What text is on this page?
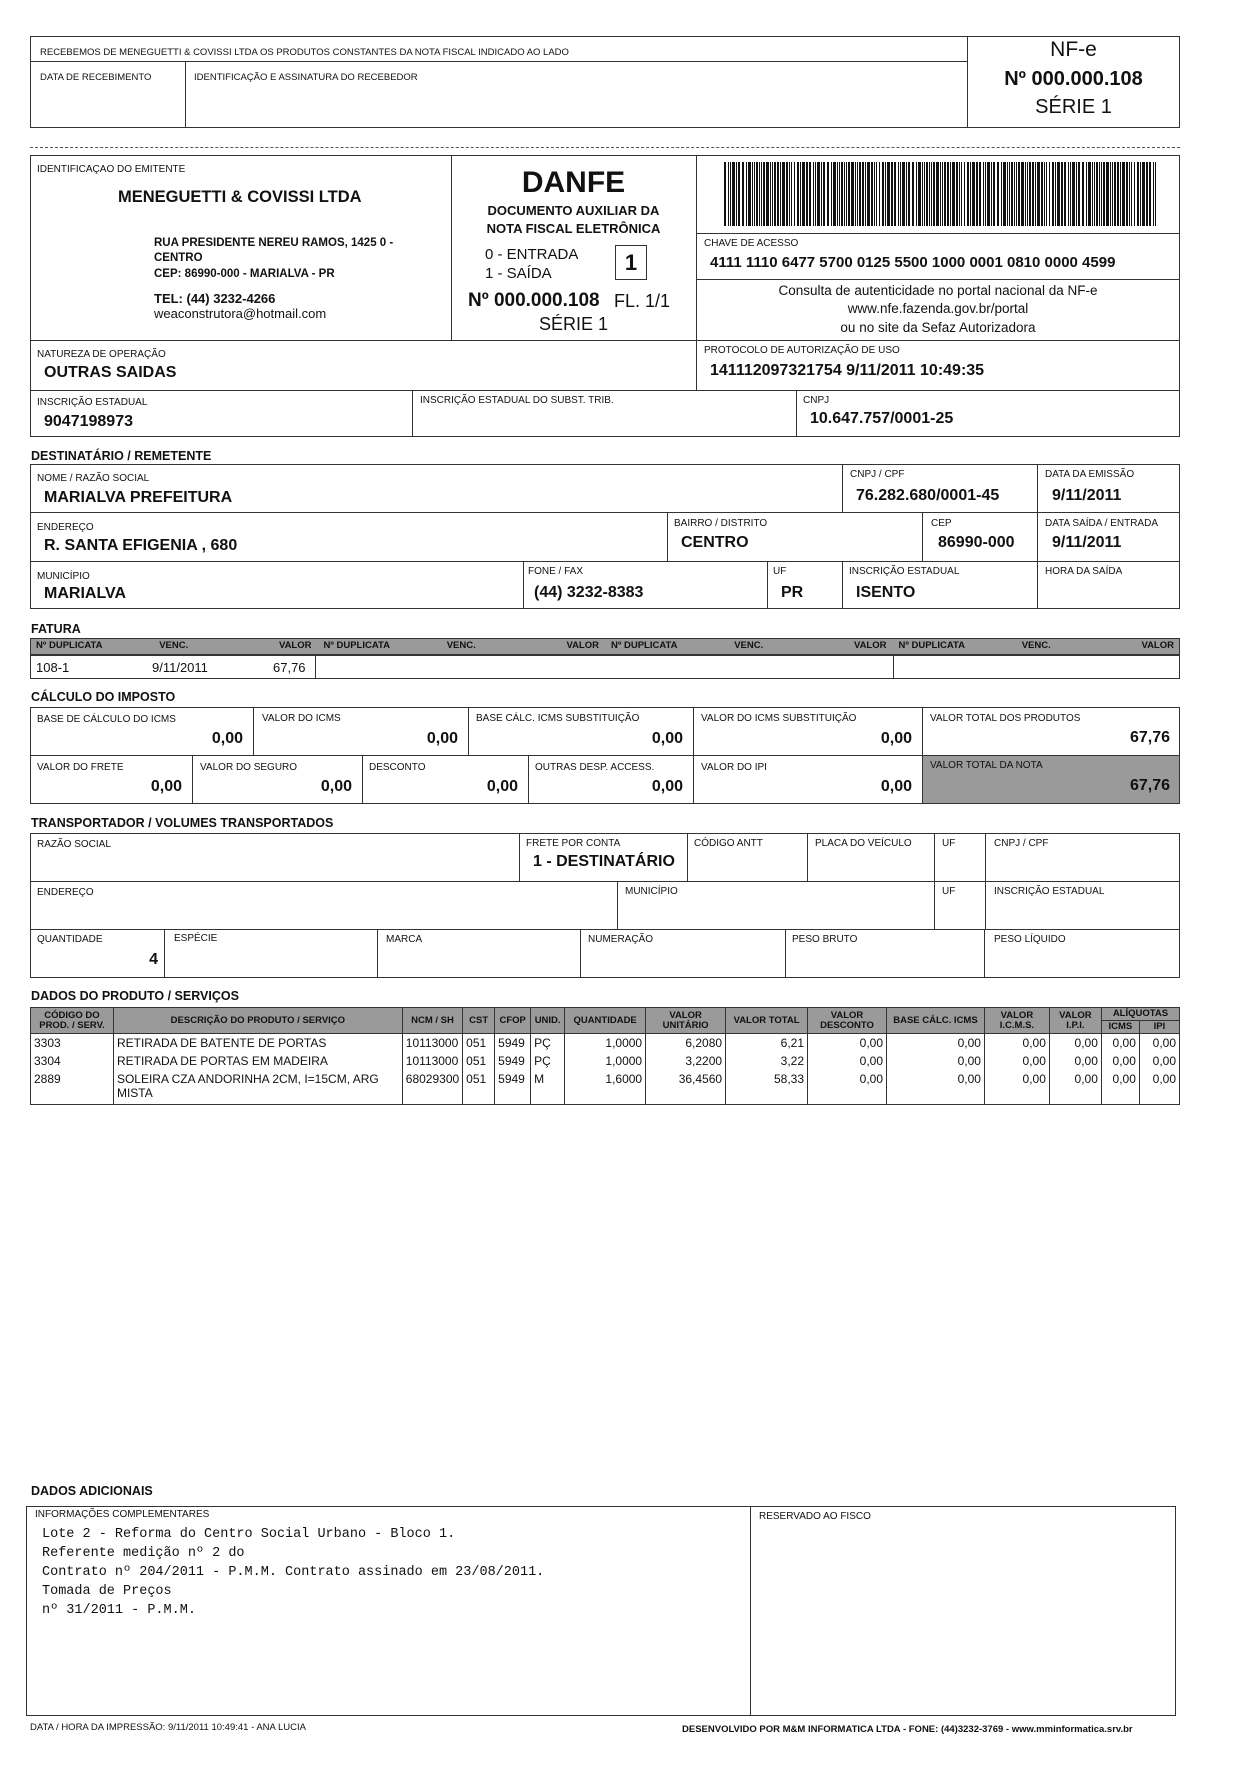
RECEBEMOS DE MENEGUETTI & COVISSI LTDA OS PRODUTOS CONSTANTES DA NOTA FISCAL INDICADO AO LADO
DATA DE RECEBIMENTO	IDENTIFICAÇÃO E ASSINATURA DO RECEBEDOR
NF-e
Nº 000.000.108
SÉRIE 1
IDENTIFICAÇAO DO EMITENTE
MENEGUETTI & COVISSI LTDA
RUA PRESIDENTE NEREU RAMOS, 1425 0 -
CENTRO
CEP: 86990-000 - MARIALVA - PR
TEL: (44) 3232-4266
weaconstrutora@hotmail.com
DANFE
DOCUMENTO AUXILIAR DA
NOTA FISCAL ELETRÔNICA
0 - ENTRADA
1 - SAÍDA	1
Nº 000.000.108 FL. 1/1
SÉRIE 1
CHAVE DE ACESSO
4111 1110 6477 5700 0125 5500 1000 0001 0810 0000 4599
Consulta de autenticidade no portal nacional da NF-e
www.nfe.fazenda.gov.br/portal
ou no site da Sefaz Autorizadora
NATUREZA DE OPERAÇÃO
OUTRAS SAIDAS
PROTOCOLO DE AUTORIZAÇÃO DE USO
141112097321754 9/11/2011 10:49:35
INSCRIÇÃO ESTADUAL
9047198973
INSCRIÇÃO ESTADUAL DO SUBST. TRIB.	CNPJ
10.647.757/0001-25
DESTINATÁRIO / REMETENTE
NOME / RAZÃO SOCIAL
MARIALVA PREFEITURA
CNPJ / CPF
76.282.680/0001-45
DATA DA EMISSÃO
9/11/2011
ENDEREÇO
R. SANTA EFIGENIA , 680
BAIRRO / DISTRITO
CENTRO
CEP
86990-000
DATA SAÍDA / ENTRADA
9/11/2011
MUNICÍPIO
MARIALVA
FONE / FAX
(44) 3232-8383
UF
PR
INSCRIÇÃO ESTADUAL
ISENTO
HORA DA SAÍDA
FATURA
Nº DUPLICATA	VENC.	VALOR	Nº DUPLICATA	VENC.	VALOR	Nº DUPLICATA	VENC.	VALOR	Nº DUPLICATA	VENC.	VALOR
108-1	9/11/2011	67,76
CÁLCULO DO IMPOSTO
BASE DE CÁLCULO DO ICMS
0,00
VALOR DO ICMS
0,00
BASE CÁLC. ICMS SUBSTITUIÇÃO
0,00
VALOR DO ICMS SUBSTITUIÇÃO
0,00
VALOR TOTAL DOS PRODUTOS
67,76
VALOR DO FRETE
0,00
VALOR DO SEGURO
0,00
DESCONTO
0,00
OUTRAS DESP. ACCESS.
0,00
VALOR DO IPI
0,00
VALOR TOTAL DA NOTA
67,76
TRANSPORTADOR / VOLUMES TRANSPORTADOS
RAZÃO SOCIAL	FRETE POR CONTA
1 - DESTINATÁRIO
CÓDIGO ANTT	PLACA DO VEÍCULO	UF	CNPJ / CPF
ENDEREÇO	MUNICÍPIO	UF	INSCRIÇÃO ESTADUAL
QUANTIDADE
4
ESPÉCIE	MARCA	NUMERAÇÃO	PESO BRUTO	PESO LÍQUIDO
DADOS DO PRODUTO / SERVIÇOS
CÓDIGO DO PROD. / SERV.	DESCRIÇÃO DO PRODUTO / SERVIÇO	NCM / SH	CST	CFOP	UNID.	QUANTIDADE	VALOR UNITÁRIO	VALOR TOTAL	VALOR DESCONTO	BASE CÁLC. ICMS	VALOR I.C.M.S.	VALOR I.P.I.	ALÍQUOTAS	
													ICMS	IPI
3303	RETIRADA DE BATENTE DE PORTAS	10113000	051	5949	PÇ	1,0000	6,2080	6,21	0,00	0,00	0,00	0,00	0,00	0,00
3304	RETIRADA DE PORTAS EM MADEIRA	10113000	051	5949	PÇ	1,0000	3,2200	3,22	0,00	0,00	0,00	0,00	0,00	0,00
2889	SOLEIRA CZA ANDORINHA 2CM, I=15CM, ARG MISTA	68029300	051	5949	M	1,6000	36,4560	58,33	0,00	0,00	0,00	0,00	0,00	0,00
DADOS ADICIONAIS
INFORMAÇÕES COMPLEMENTARES	RESERVADO AO FISCO
Lote 2 - Reforma do Centro Social Urbano - Bloco 1.
Referente medição nº 2 do
Contrato nº 204/2011 - P.M.M. Contrato assinado em 23/08/2011.
Tomada de Preços
nº 31/2011 - P.M.M.
DATA / HORA DA IMPRESSÃO: 9/11/2011 10:49:41 - ANA LUCIA	DESENVOLVIDO POR M&M INFORMATICA LTDA - FONE: (44)3232-3769 - www.mminformatica.srv.br
